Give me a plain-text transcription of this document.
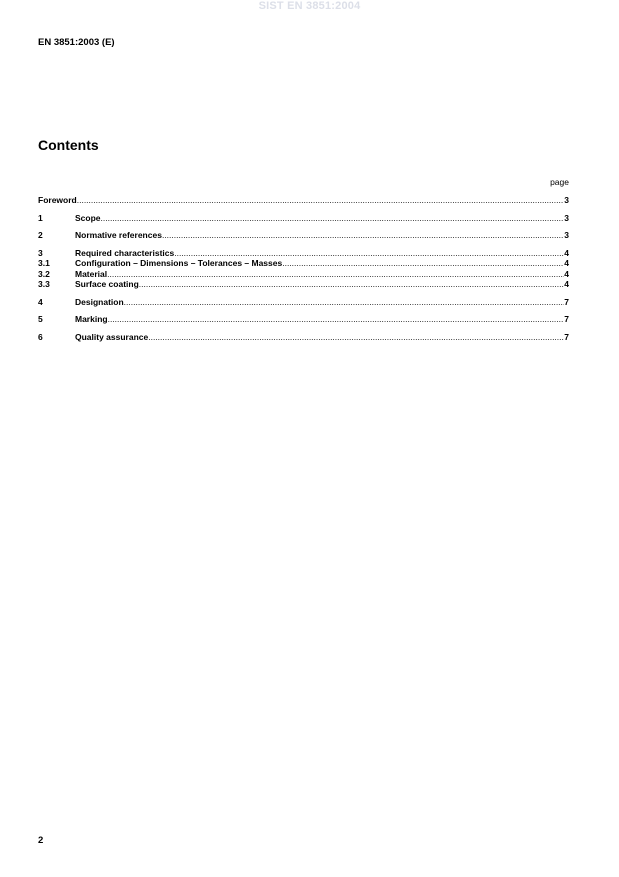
SIST EN 3851:2004
EN 3851:2003 (E)
Contents
page
Foreword .....	3
1	Scope .....	3
2	Normative references .....	3
3	Required characteristics .....	4
3.1	Configuration – Dimensions – Tolerances – Masses .....	4
3.2	Material .....	4
3.3	Surface coating .....	4
4	Designation .....	7
5	Marking .....	7
6	Quality assurance .....	7
2
